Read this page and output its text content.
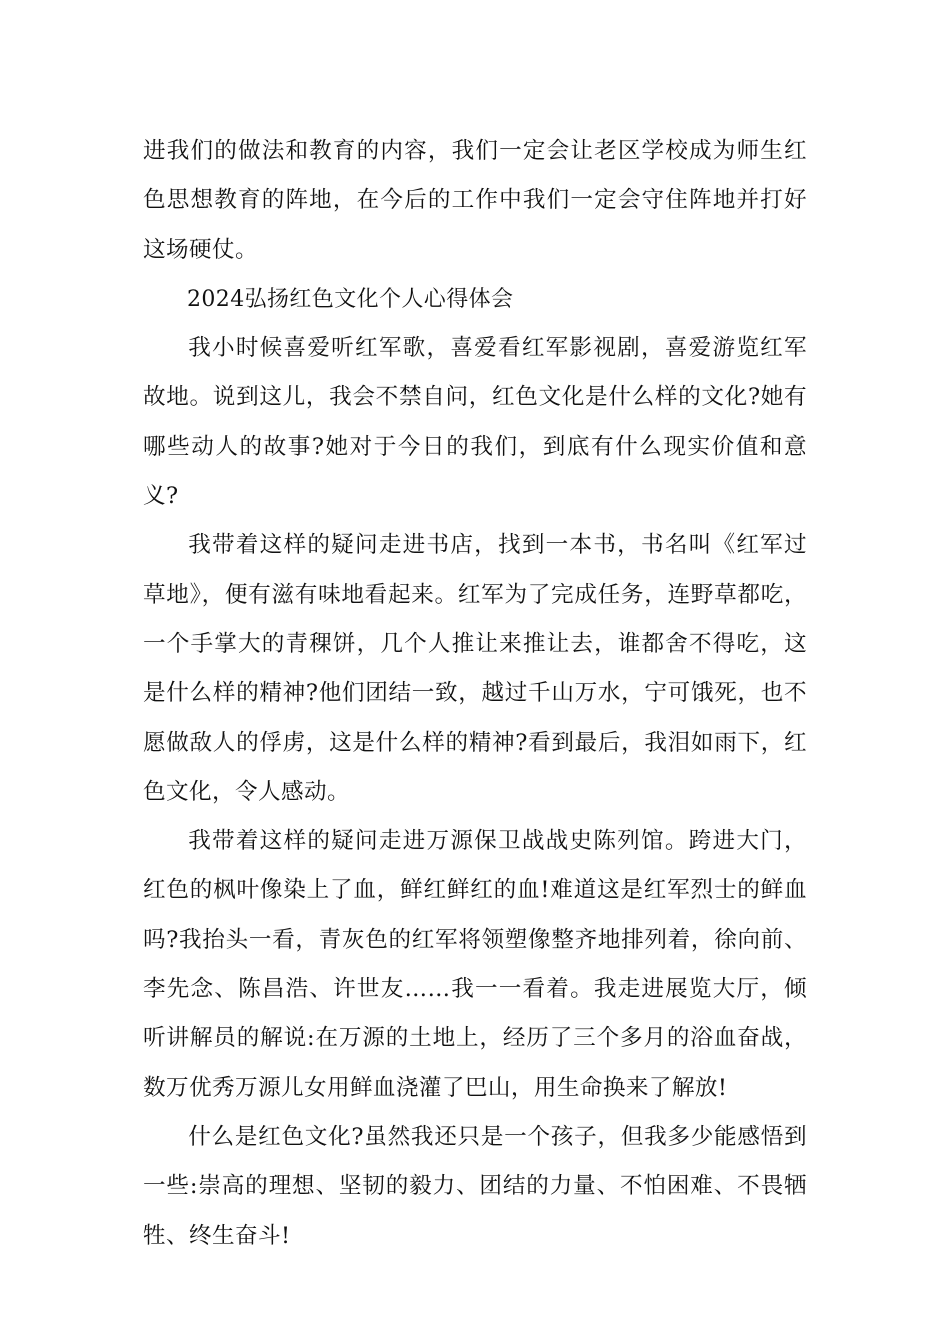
进我们的做法和教育的内容，我们一定会让老区学校成为师生红色思想教育的阵地，在今后的工作中我们一定会守住阵地并打好这场硬仗。

2024弘扬红色文化个人心得体会

我小时候喜爱听红军歌，喜爱看红军影视剧，喜爱游览红军故地。说到这儿，我会不禁自问，红色文化是什么样的文化?她有哪些动人的故事?她对于今日的我们，到底有什么现实价值和意义?

我带着这样的疑问走进书店，找到一本书，书名叫《红军过草地》，便有滋有味地看起来。红军为了完成任务，连野草都吃，一个手掌大的青稞饼，几个人推让来推让去，谁都舍不得吃，这是什么样的精神?他们团结一致，越过千山万水，宁可饿死，也不愿做敌人的俘虏，这是什么样的精神?看到最后，我泪如雨下，红色文化，令人感动。

我带着这样的疑问走进万源保卫战战史陈列馆。跨进大门，红色的枫叶像染上了血，鲜红鲜红的血!难道这是红军烈士的鲜血吗?我抬头一看，青灰色的红军将领塑像整齐地排列着，徐向前、李先念、陈昌浩、许世友……我一一看着。我走进展览大厅，倾听讲解员的解说:在万源的土地上，经历了三个多月的浴血奋战，数万优秀万源儿女用鲜血浇灌了巴山，用生命换来了解放!

什么是红色文化?虽然我还只是一个孩子，但我多少能感悟到一些:崇高的理想、坚韧的毅力、团结的力量、不怕困难、不畏牺牲、终生奋斗!
